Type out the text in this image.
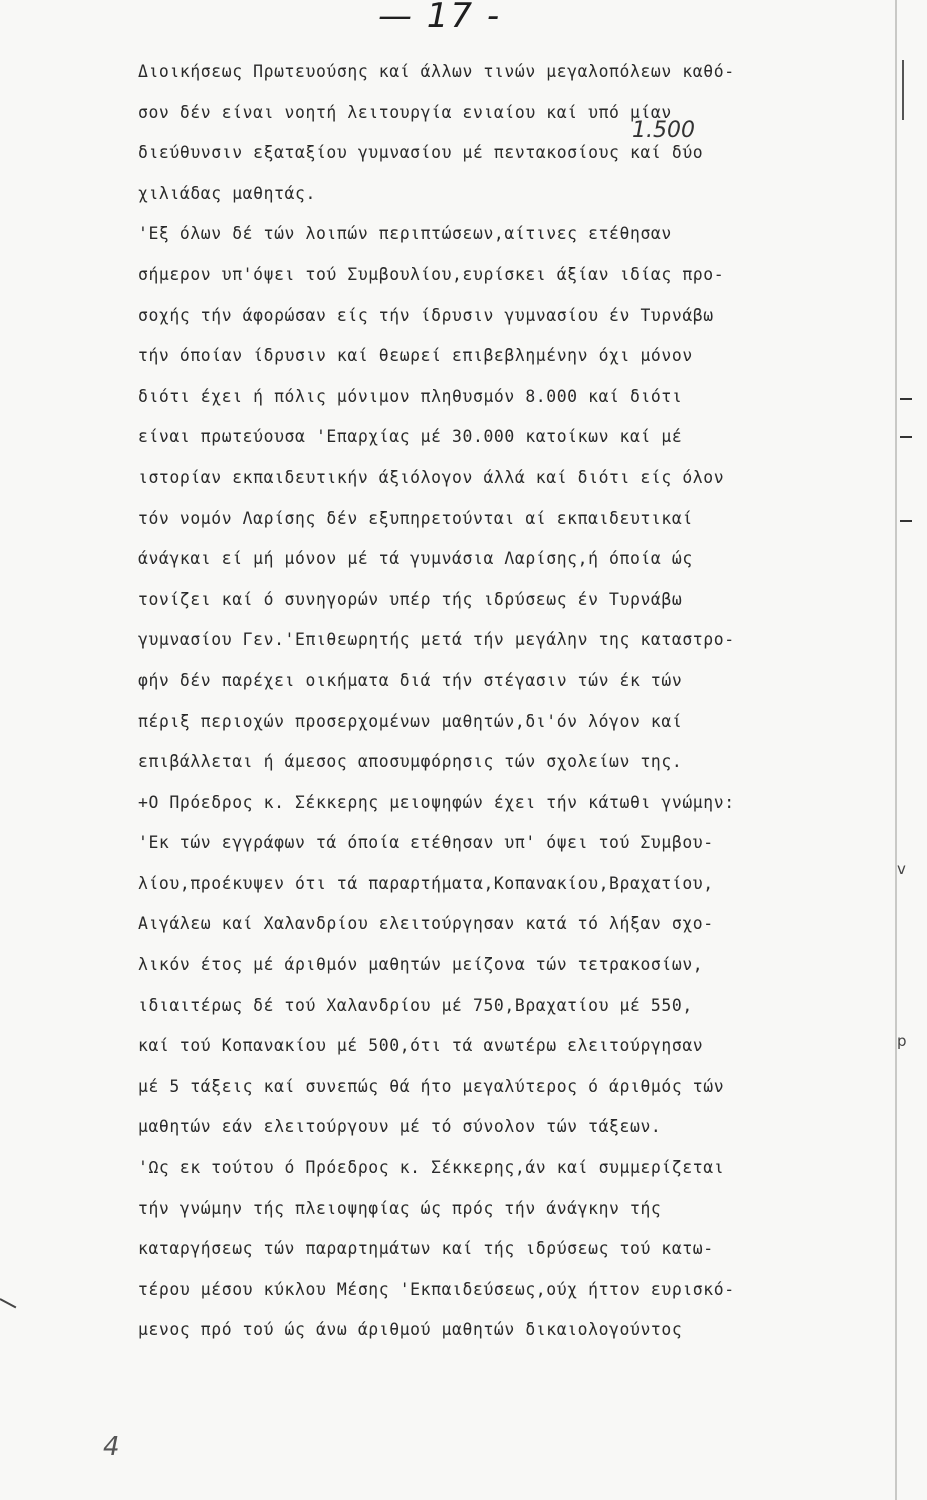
— 17 -
1.500
Διοικήσεως Πρωτευούσης καί άλλων τινών μεγαλοπόλεων καθό-
σον δέν είναι νοητή λειτουργία ενιαίου καί υπό μίαν
διεύθυνσιν εξαταξίου γυμνασίου μέ πεντακοσίους καί δύο
χιλιάδας μαθητάς.
'Εξ όλων δέ τών λοιπών περιπτώσεων,αίτινες ετέθησαν
σήμερον υπ'όψει τού Συμβουλίου,ευρίσκει άξίαν ιδίας προ-
σοχής τήν άφορώσαν είς τήν ίδρυσιν γυμνασίου έν Τυρνάβω
τήν όποίαν ίδρυσιν καί θεωρεί επιβεβλημένην όχι μόνον
διότι έχει ή πόλις μόνιμον πληθυσμόν 8.000 καί διότι
είναι πρωτεύουσα 'Επαρχίας μέ 30.000 κατοίκων καί μέ
ιστορίαν εκπαιδευτικήν άξιόλογον άλλά καί διότι είς όλον
τόν νομόν Λαρίσης δέν εξυπηρετούνται αί εκπαιδευτικαί
άνάγκαι εί μή μόνον μέ τά γυμνάσια Λαρίσης,ή όποία ώς
τονίζει καί ό συνηγορών υπέρ τής ιδρύσεως έν Τυρνάβω
γυμνασίου Γεν.'Επιθεωρητής μετά τήν μεγάλην της καταστρο-
φήν δέν παρέχει οικήματα διά τήν στέγασιν τών έκ τών
πέριξ περιοχών προσερχομένων μαθητών,δι'όν λόγον καί
επιβάλλεται ή άμεσος αποσυμφόρησις τών σχολείων της.
+Ο Πρόεδρος κ. Σέκκερης μειοψηφών έχει τήν κάτωθι γνώμην:
'Εκ τών εγγράφων τά όποία ετέθησαν υπ' όψει τού Συμβου-
λίου,προέκυψεν ότι τά παραρτήματα,Κοπανακίου,Βραχατίου,
Αιγάλεω καί Χαλανδρίου ελειτούργησαν κατά τό λήξαν σχο-
λικόν έτος μέ άριθμόν μαθητών μείζονα τών τετρακοσίων,
ιδιαιτέρως δέ τού Χαλανδρίου μέ 750,Βραχατίου μέ 550,
καί τού Κοπανακίου μέ 500,ότι τά ανωτέρω ελειτούργησαν
μέ 5 τάξεις καί συνεπώς θά ήτο μεγαλύτερος ό άριθμός τών
μαθητών εάν ελειτούργουν μέ τό σύνολον τών τάξεων.
'Ως εκ τούτου ό Πρόεδρος κ. Σέκκερης,άν καί συμμερίζεται
τήν γνώμην τής πλειοψηφίας ώς πρός τήν άνάγκην τής
καταργήσεως τών παραρτημάτων καί τής ιδρύσεως τού κατω-
τέρου μέσου κύκλου Μέσης 'Εκπαιδεύσεως,ούχ ήττον ευρισκό-
μενος πρό τού ώς άνω άριθμού μαθητών δικαιολογούντος
v
p
4
